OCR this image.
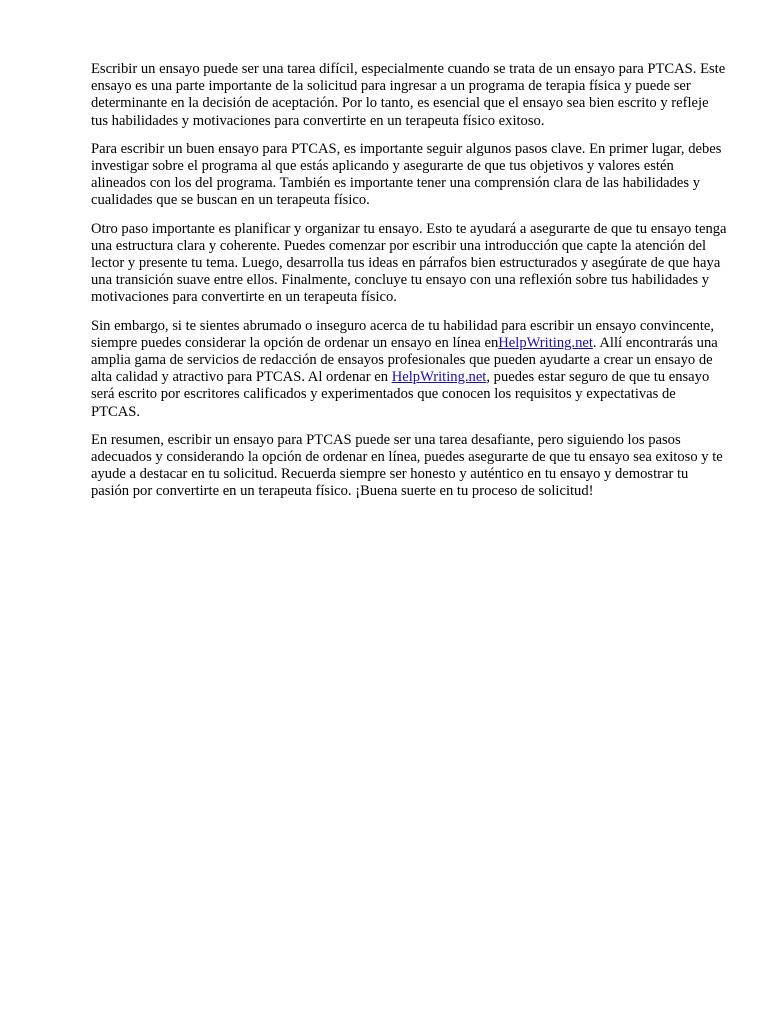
Escribir un ensayo puede ser una tarea difícil, especialmente cuando se trata de un ensayo para PTCAS. Este ensayo es una parte importante de la solicitud para ingresar a un programa de terapia física y puede ser determinante en la decisión de aceptación. Por lo tanto, es esencial que el ensayo sea bien escrito y refleje tus habilidades y motivaciones para convertirte en un terapeuta físico exitoso.

Para escribir un buen ensayo para PTCAS, es importante seguir algunos pasos clave. En primer lugar, debes investigar sobre el programa al que estás aplicando y asegurarte de que tus objetivos y valores estén alineados con los del programa. También es importante tener una comprensión clara de las habilidades y cualidades que se buscan en un terapeuta físico.

Otro paso importante es planificar y organizar tu ensayo. Esto te ayudará a asegurarte de que tu ensayo tenga una estructura clara y coherente. Puedes comenzar por escribir una introducción que capte la atención del lector y presente tu tema. Luego, desarrolla tus ideas en párrafos bien estructurados y asegúrate de que haya una transición suave entre ellos. Finalmente, concluye tu ensayo con una reflexión sobre tus habilidades y motivaciones para convertirte en un terapeuta físico.

Sin embargo, si te sientes abrumado o inseguro acerca de tu habilidad para escribir un ensayo convincente, siempre puedes considerar la opción de ordenar un ensayo en línea enHelpWriting.net. Allí encontrarás una amplia gama de servicios de redacción de ensayos profesionales que pueden ayudarte a crear un ensayo de alta calidad y atractivo para PTCAS. Al ordenar en HelpWriting.net, puedes estar seguro de que tu ensayo será escrito por escritores calificados y experimentados que conocen los requisitos y expectativas de PTCAS.

En resumen, escribir un ensayo para PTCAS puede ser una tarea desafiante, pero siguiendo los pasos adecuados y considerando la opción de ordenar en línea, puedes asegurarte de que tu ensayo sea exitoso y te ayude a destacar en tu solicitud. Recuerda siempre ser honesto y auténtico en tu ensayo y demostrar tu pasión por convertirte en un terapeuta físico. ¡Buena suerte en tu proceso de solicitud!
